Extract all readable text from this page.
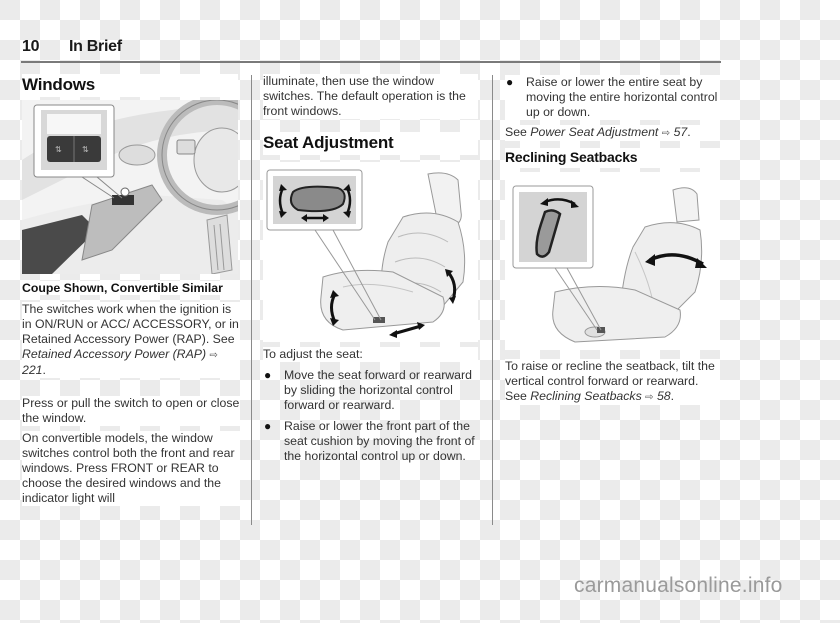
10 In Brief
Windows
⇅	⇅
Coupe Shown, Convertible Similar
The switches work when the ignition is in ON/RUN or ACC/ ACCESSORY, or in Retained Accessory Power (RAP). See Retained Accessory Power (RAP) ⇨ 221.
Press or pull the switch to open or close the window.
On convertible models, the window switches control both the front and rear windows. Press FRONT or REAR to choose the desired windows and the indicator light will
illuminate, then use the window switches. The default operation is the front windows.
Seat Adjustment
To adjust the seat:
● Move the seat forward or rearward by sliding the horizontal control forward or rearward.
● Raise or lower the front part of the seat cushion by moving the front of the horizontal control up or down.
● Raise or lower the entire seat by moving the entire horizontal control up or down.
See Power Seat Adjustment ⇨ 57.
Reclining Seatbacks
To raise or recline the seatback, tilt the vertical control forward or rearward. See Reclining Seatbacks ⇨ 58.
carmanualsonline.info
